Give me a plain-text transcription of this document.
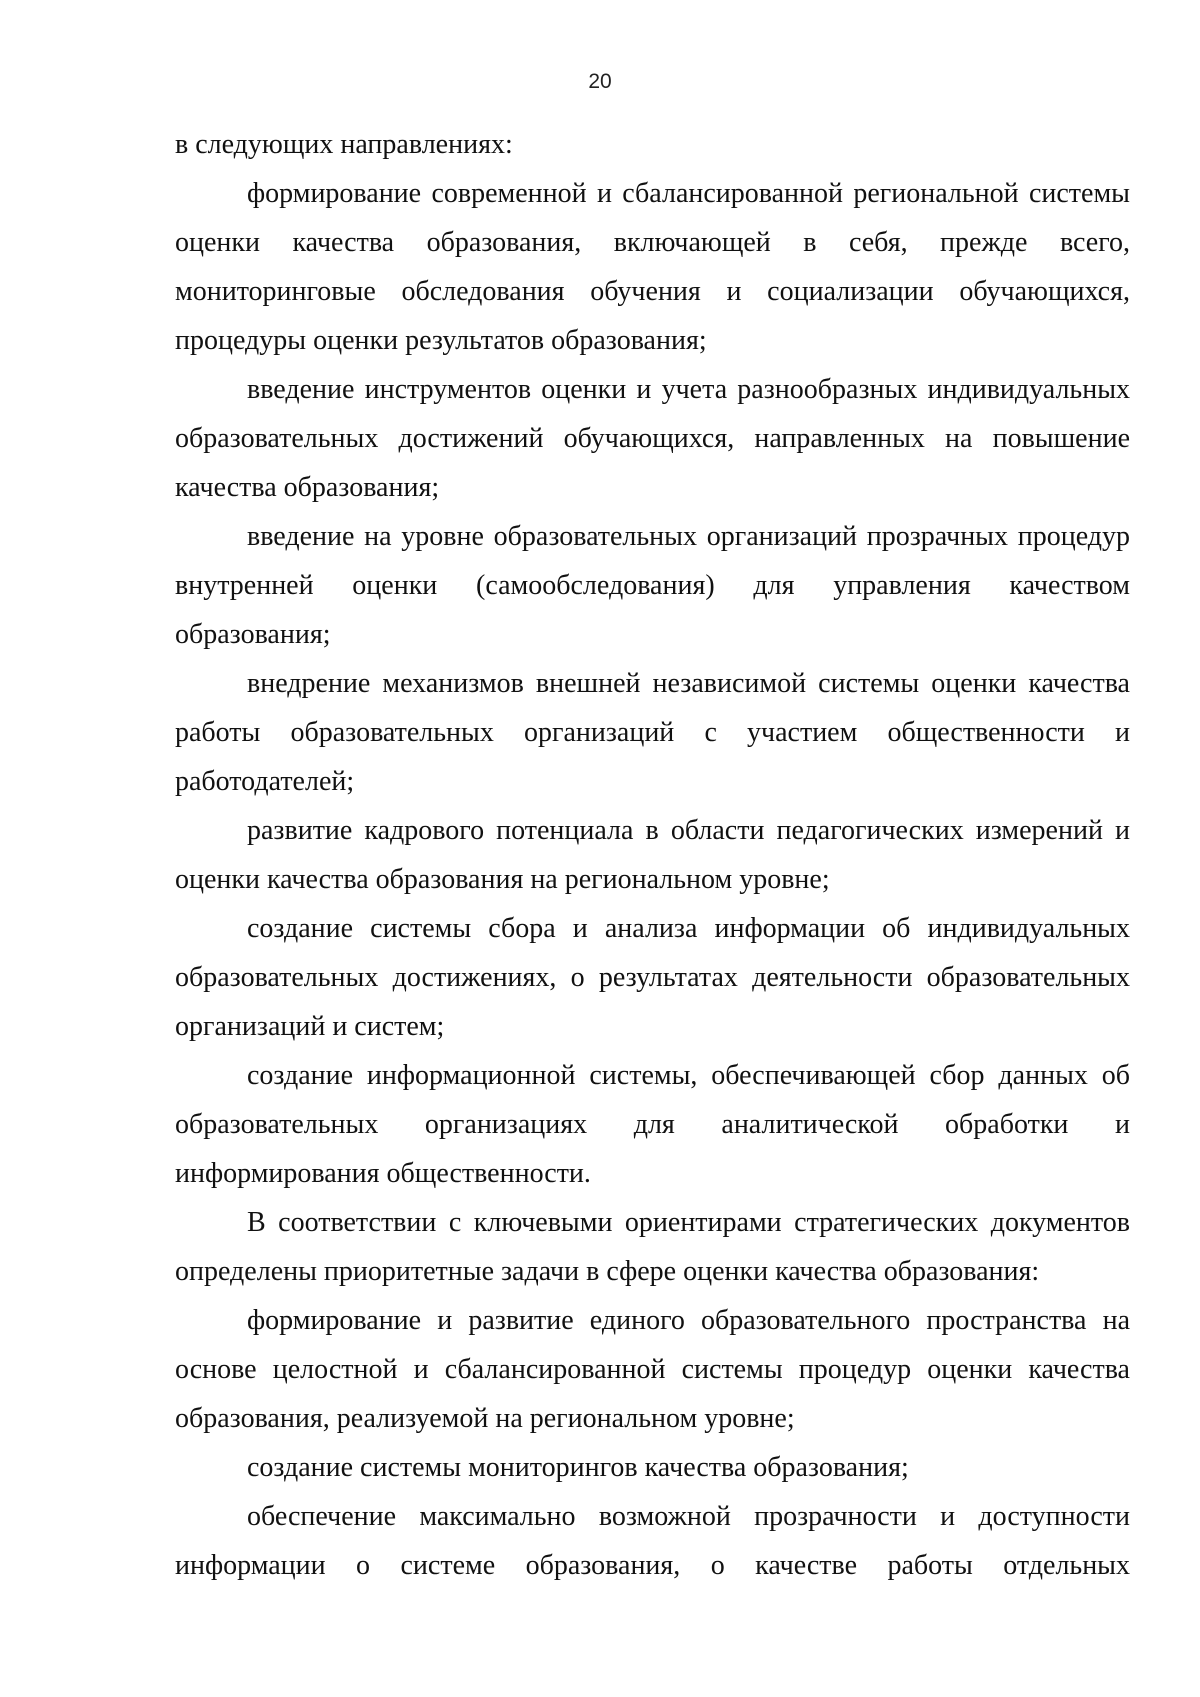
20

в следующих направлениях:

формирование современной и сбалансированной региональной системы оценки качества образования, включающей в себя, прежде всего, мониторинговые обследования обучения и социализации обучающихся, процедуры оценки результатов образования;

введение инструментов оценки и учета разнообразных индивидуальных образовательных достижений обучающихся, направленных на повышение качества образования;

введение на уровне образовательных организаций прозрачных процедур внутренней оценки (самообследования) для управления качеством образования;

внедрение механизмов внешней независимой системы оценки качества работы образовательных организаций с участием общественности и работодателей;

развитие кадрового потенциала в области педагогических измерений и оценки качества образования на региональном уровне;

создание системы сбора и анализа информации об индивидуальных образовательных достижениях, о результатах деятельности образовательных организаций и систем;

создание информационной системы, обеспечивающей сбор данных об образовательных организациях для аналитической обработки и информирования общественности.

В соответствии с ключевыми ориентирами стратегических документов определены приоритетные задачи в сфере оценки качества образования:

формирование и развитие единого образовательного пространства на основе целостной и сбалансированной системы процедур оценки качества образования, реализуемой на региональном уровне;

создание системы мониторингов качества образования;

обеспечение максимально возможной прозрачности и доступности информации о системе образования, о качестве работы отдельных
